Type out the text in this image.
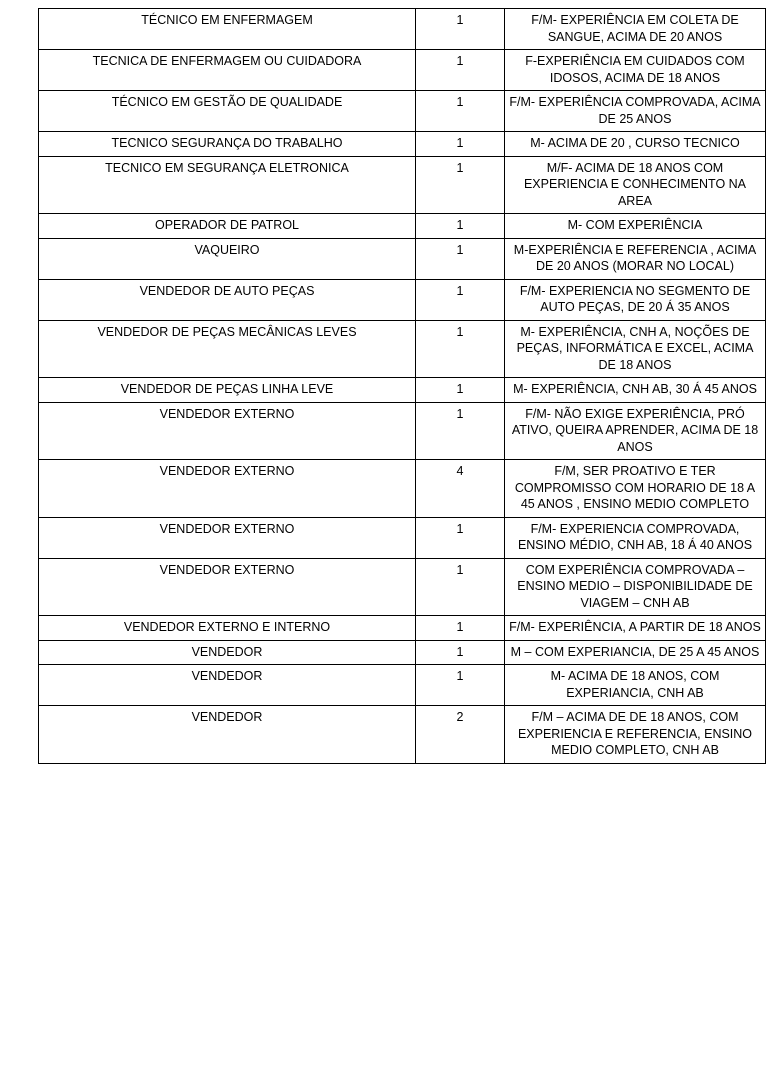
TÉCNICO EM ENFERMAGEM	1	F/M- EXPERIÊNCIA EM COLETA DE SANGUE, ACIMA DE 20 ANOS
TECNICA DE ENFERMAGEM OU CUIDADORA	1	F-EXPERIÊNCIA EM CUIDADOS COM IDOSOS, ACIMA DE 18 ANOS
TÉCNICO EM GESTÃO DE QUALIDADE	1	F/M- EXPERIÊNCIA COMPROVADA, ACIMA DE 25 ANOS
TECNICO SEGURANÇA DO TRABALHO	1	M- ACIMA DE 20 , CURSO TECNICO
TECNICO EM SEGURANÇA ELETRONICA	1	M/F- ACIMA DE 18 ANOS COM EXPERIENCIA E CONHECIMENTO NA AREA
OPERADOR DE PATROL	1	M- COM EXPERIÊNCIA
VAQUEIRO	1	M-EXPERIÊNCIA E REFERENCIA , ACIMA DE 20 ANOS (MORAR NO LOCAL)
VENDEDOR DE AUTO PEÇAS	1	F/M- EXPERIENCIA NO SEGMENTO DE AUTO PEÇAS, DE 20 Á 35 ANOS
VENDEDOR DE PEÇAS MECÂNICAS LEVES	1	M- EXPERIÊNCIA, CNH A, NOÇÕES DE PEÇAS, INFORMÁTICA E EXCEL, ACIMA DE 18 ANOS
VENDEDOR DE PEÇAS LINHA LEVE	1	M- EXPERIÊNCIA, CNH AB, 30 Á 45 ANOS
VENDEDOR EXTERNO	1	F/M- NÃO EXIGE EXPERIÊNCIA, PRÓ ATIVO, QUEIRA APRENDER, ACIMA DE 18 ANOS
VENDEDOR EXTERNO	4	F/M, SER PROATIVO E TER COMPROMISSO COM HORARIO DE 18 A 45 ANOS , ENSINO MEDIO COMPLETO
VENDEDOR EXTERNO	1	F/M- EXPERIENCIA COMPROVADA, ENSINO MÉDIO, CNH AB, 18 Á 40 ANOS
VENDEDOR EXTERNO	1	COM EXPERIÊNCIA COMPROVADA – ENSINO MEDIO – DISPONIBILIDADE DE VIAGEM – CNH AB
VENDEDOR EXTERNO E INTERNO	1	F/M- EXPERIÊNCIA, A PARTIR DE 18 ANOS
VENDEDOR	1	M – COM EXPERIANCIA, DE 25 A 45 ANOS
VENDEDOR	1	M- ACIMA DE 18 ANOS, COM EXPERIANCIA, CNH AB
VENDEDOR	2	F/M – ACIMA DE DE 18 ANOS, COM EXPERIENCIA E REFERENCIA, ENSINO MEDIO COMPLETO, CNH AB
